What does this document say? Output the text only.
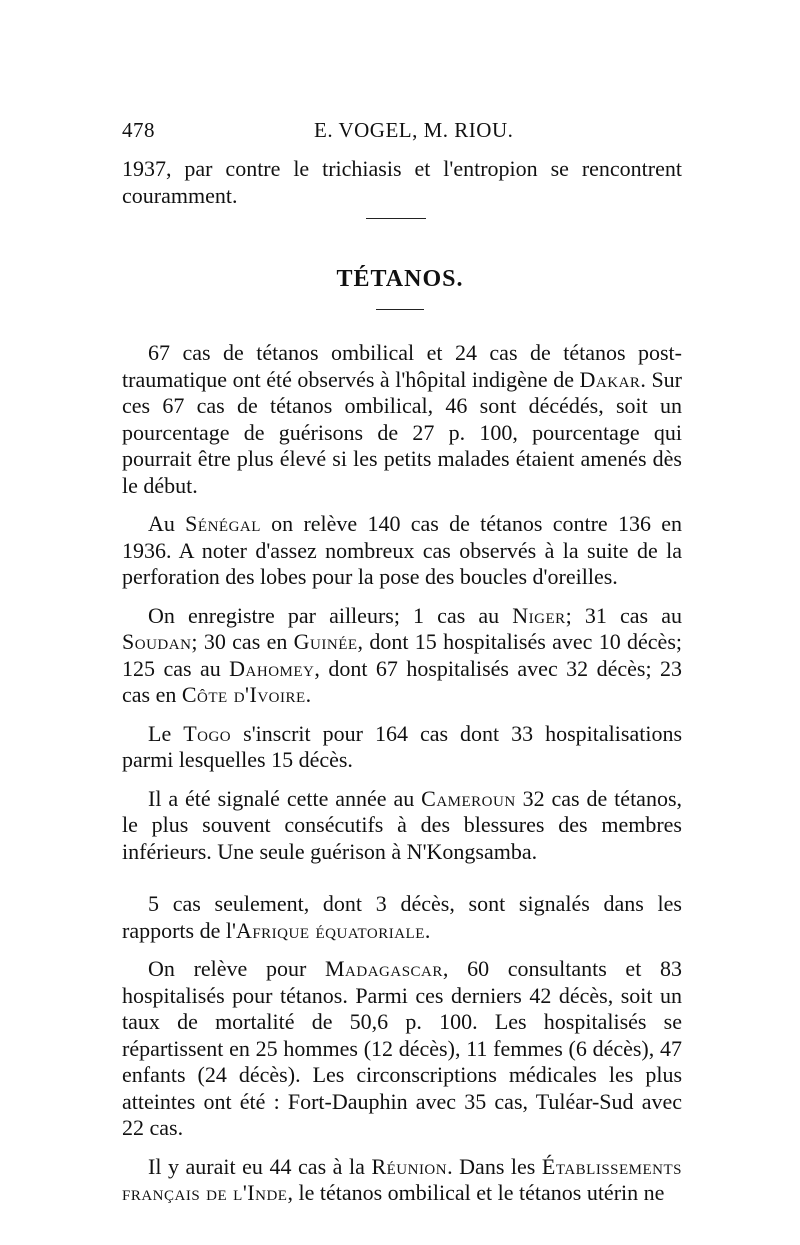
478	E. VOGEL, M. RIOU.

1937, par contre le trichiasis et l'entropion se rencontrent couramment.

TÉTANOS.

67 cas de tétanos ombilical et 24 cas de tétanos post-traumatique ont été observés à l'hôpital indigène de Dakar. Sur ces 67 cas de tétanos ombilical, 46 sont décédés, soit un pourcentage de guérisons de 27 p. 100, pourcentage qui pourrait être plus élevé si les petits malades étaient amenés dès le début.

Au Sénégal on relève 140 cas de tétanos contre 136 en 1936. A noter d'assez nombreux cas observés à la suite de la perforation des lobes pour la pose des boucles d'oreilles.

On enregistre par ailleurs; 1 cas au Niger; 31 cas au Soudan; 30 cas en Guinée, dont 15 hospitalisés avec 10 décès; 125 cas au Dahomey, dont 67 hospitalisés avec 32 décès; 23 cas en Côte d'Ivoire.

Le Togo s'inscrit pour 164 cas dont 33 hospitalisations parmi lesquelles 15 décès.

Il a été signalé cette année au Cameroun 32 cas de tétanos, le plus souvent consécutifs à des blessures des membres inférieurs. Une seule guérison à N'Kongsamba.

5 cas seulement, dont 3 décès, sont signalés dans les rapports de l'Afrique équatoriale.

On relève pour Madagascar, 60 consultants et 83 hospitalisés pour tétanos. Parmi ces derniers 42 décès, soit un taux de mortalité de 50,6 p. 100. Les hospitalisés se répartissent en 25 hommes (12 décès), 11 femmes (6 décès), 47 enfants (24 décès). Les circonscriptions médicales les plus atteintes ont été : Fort-Dauphin avec 35 cas, Tuléar-Sud avec 22 cas.

Il y aurait eu 44 cas à la Réunion. Dans les Établissements français de l'Inde, le tétanos ombilical et le tétanos utérin ne
